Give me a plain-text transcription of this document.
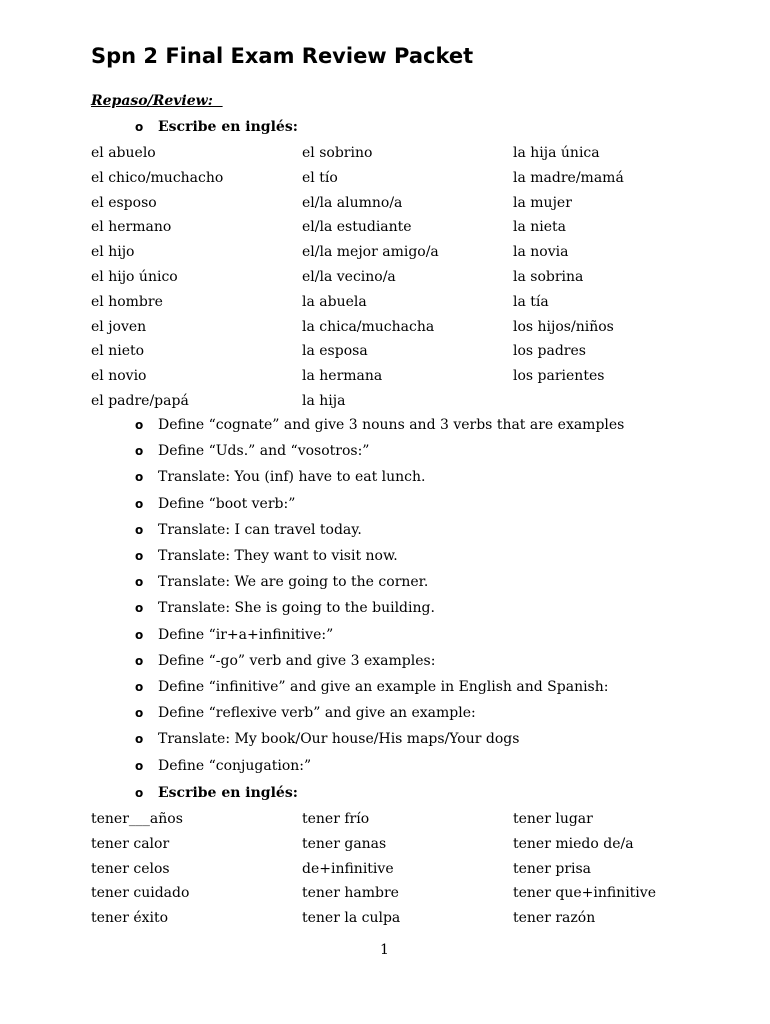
Spn 2 Final Exam Review Packet
Repaso/Review:
o	Escribe en inglés:
el abuelo	el sobrino	la hija única
el chico/muchacho	el tío	la madre/mamá
el esposo	el/la alumno/a	la mujer
el hermano	el/la estudiante	la nieta
el hijo	el/la mejor amigo/a	la novia
el hijo único	el/la vecino/a	la sobrina
el hombre	la abuela	la tía
el joven	la chica/muchacha	los hijos/niños
el nieto	la esposa	los padres
el novio	la hermana	los parientes
el padre/papá	la hija
o	Define “cognate” and give 3 nouns and 3 verbs that are examples
o	Define “Uds.” and “vosotros:”
o	Translate: You (inf) have to eat lunch.
o	Define “boot verb:”
o	Translate: I can travel today.
o	Translate: They want to visit now.
o	Translate: We are going to the corner.
o	Translate: She is going to the building.
o	Define “ir+a+infinitive:”
o	Define “-go” verb and give 3 examples:
o	Define “infinitive” and give an example in English and Spanish:
o	Define “reflexive verb” and give an example:
o	Translate: My book/Our house/His maps/Your dogs
o	Define “conjugation:”
o	Escribe en inglés:
tener___años	tener frío	tener lugar
tener calor	tener ganas	tener miedo de/a
tener celos	de+infinitive	tener prisa
tener cuidado	tener hambre	tener que+infinitive
tener éxito	tener la culpa	tener razón
1
